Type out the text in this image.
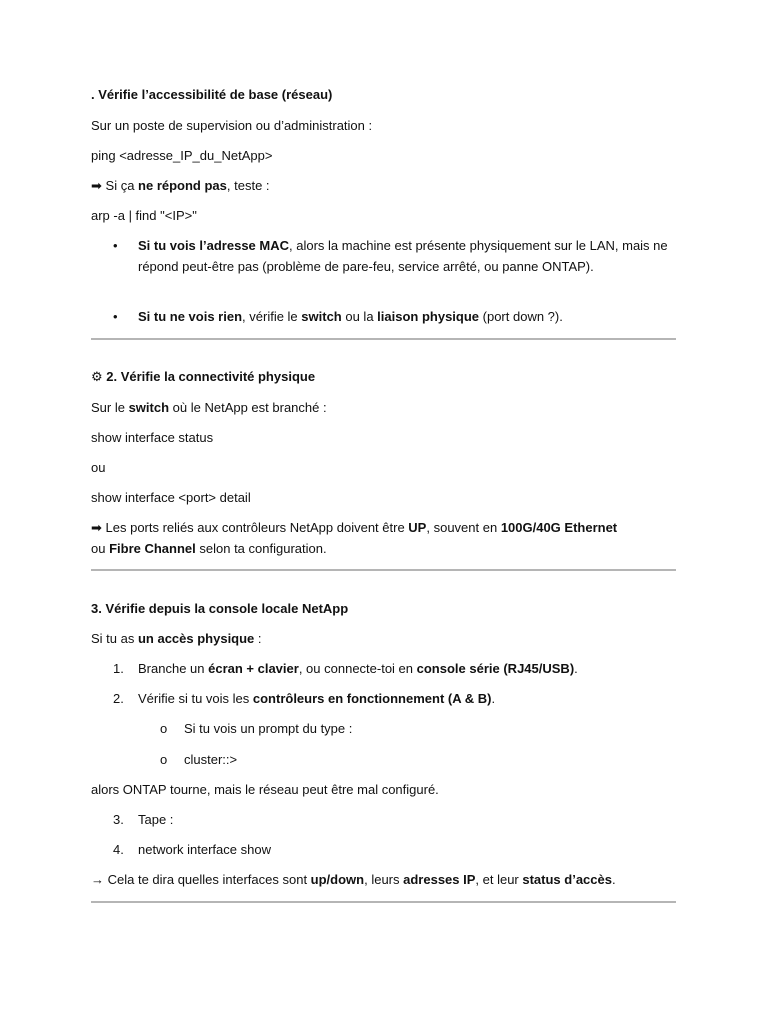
. Vérifie l’accessibilité de base (réseau)
Sur un poste de supervision ou d’administration :
ping <adresse_IP_du_NetApp>
➡ Si ça ne répond pas, teste :
arp -a | find "<IP>"
• Si tu vois l’adresse MAC, alors la machine est présente physiquement sur le LAN, mais ne répond peut-être pas (problème de pare-feu, service arrêté, ou panne ONTAP).
• Si tu ne vois rien, vérifie le switch ou la liaison physique (port down ?).
⚙ 2. Vérifie la connectivité physique
Sur le switch où le NetApp est branché :
show interface status
ou
show interface <port> detail
➡ Les ports reliés aux contrôleurs NetApp doivent être UP, souvent en 100G/40G Ethernet
ou Fibre Channel selon ta configuration.
3. Vérifie depuis la console locale NetApp
Si tu as un accès physique :
1. Branche un écran + clavier, ou connecte-toi en console série (RJ45/USB).
2. Vérifie si tu vois les contrôleurs en fonctionnement (A & B).
o Si tu vois un prompt du type :
o cluster::>
alors ONTAP tourne, mais le réseau peut être mal configuré.
3. Tape :
4. network interface show
→ Cela te dira quelles interfaces sont up/down, leurs adresses IP, et leur status d’accès.
